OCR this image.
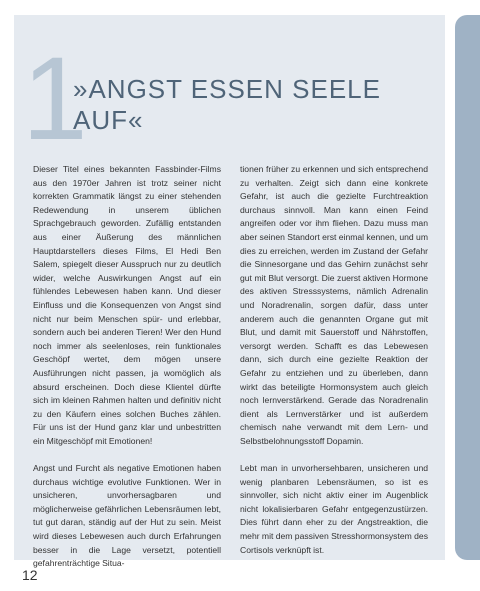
1
»ANGST ESSEN SEELE AUF«

Dieser Titel eines bekannten Fassbinder-Films aus den 1970er Jahren ist trotz seiner nicht korrekten Grammatik längst zu einer stehenden Redewendung in unserem üblichen Sprachgebrauch geworden. Zufällig entstanden aus einer Äußerung des männlichen Hauptdarstellers dieses Films, El Hedi Ben Salem, spiegelt dieser Ausspruch nur zu deutlich wider, welche Auswirkungen Angst auf ein fühlendes Lebewesen haben kann. Und dieser Einfluss und die Konsequenzen von Angst sind nicht nur beim Menschen spür- und erlebbar, sondern auch bei anderen Tieren! Wer den Hund noch immer als seelenloses, rein funktionales Geschöpf wertet, dem mögen unsere Ausführungen nicht passen, ja womöglich als absurd erscheinen. Doch diese Klientel dürfte sich im kleinen Rahmen halten und definitiv nicht zu den Käufern eines solchen Buches zählen. Für uns ist der Hund ganz klar und unbestritten ein Mitgeschöpf mit Emotionen!

Angst und Furcht als negative Emotionen haben durchaus wichtige evolutive Funktionen. Wer in unsicheren, unvorhersagbaren und möglicherweise gefährlichen Lebensräumen lebt, tut gut daran, ständig auf der Hut zu sein. Meist wird dieses Lebewesen auch durch Erfahrungen besser in die Lage versetzt, potentiell gefahrenträchtige Situa-

tionen früher zu erkennen und sich entsprechend zu verhalten. Zeigt sich dann eine konkrete Gefahr, ist auch die gezielte Furchtreaktion durchaus sinnvoll. Man kann einen Feind angreifen oder vor ihm fliehen. Dazu muss man aber seinen Standort erst einmal kennen, und um dies zu erreichen, werden im Zustand der Gefahr die Sinnesorgane und das Gehirn zunächst sehr gut mit Blut versorgt. Die zuerst aktiven Hormone des aktiven Stresssystems, nämlich Adrenalin und Noradrenalin, sorgen dafür, dass unter anderem auch die genannten Organe gut mit Blut, und damit mit Sauerstoff und Nährstoffen, versorgt werden. Schafft es das Lebewesen dann, sich durch eine gezielte Reaktion der Gefahr zu entziehen und zu überleben, dann wirkt das beteiligte Hormonsystem auch gleich noch lernverstärkend. Gerade das Noradrenalin dient als Lernverstärker und ist außerdem chemisch nahe verwandt mit dem Lern- und Selbstbelohnungsstoff Dopamin.

Lebt man in unvorhersehbaren, unsicheren und wenig planbaren Lebensräumen, so ist es sinnvoller, sich nicht aktiv einer im Augenblick nicht lokalisierbaren Gefahr entgegenzustürzen. Dies führt dann eher zu der Angstreaktion, die mehr mit dem passiven Stresshormonsystem des Cortisols verknüpft ist.

12
